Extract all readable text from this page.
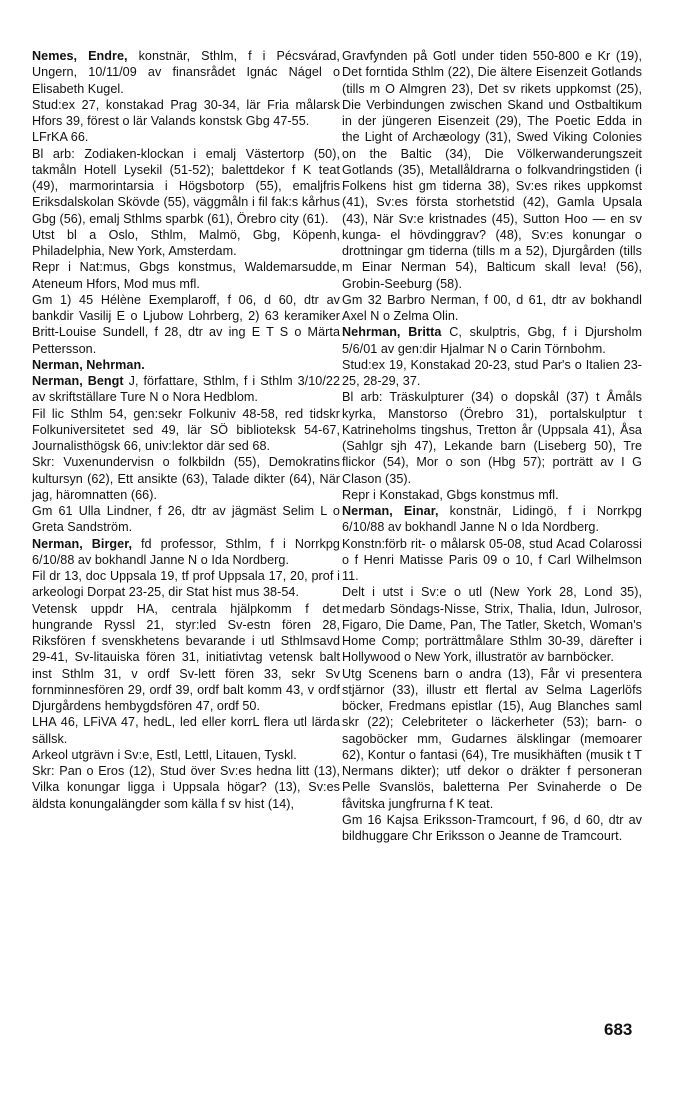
Nemes, Endre, konstnär, Sthlm, f i Pécsvárad, Ungern, 10/11/09 av finansrådet Ignác Nágel o Elisabeth Kugel.

Stud:ex 27, konstakad Prag 30-34, lär Fria målarsk Hfors 39, förest o lär Valands konstsk Gbg 47-55.

LFrKA 66.

Bl arb: Zodiaken-klockan i emalj Västertorp (50), takmåln Hotell Lysekil (51-52); balettdekor f K teat (49), marmorintarsia i Högsbotorp (55), emaljfris Eriksdalskolan Skövde (55), väggmåln i fil fak:s kårhus Gbg (56), emalj Sthlms sparbk (61), Örebro city (61).

Utst bl a Oslo, Sthlm, Malmö, Gbg, Köpenh, Philadelphia, New York, Amsterdam.

Repr i Nat:mus, Gbgs konstmus, Waldemarsudde, Ateneum Hfors, Mod mus mfl.

Gm 1) 45 Hélène Exemplaroff, f 06, d 60, dtr av bankdir Vasilij E o Ljubow Lohrberg, 2) 63 keramiker Britt-Louise Sundell, f 28, dtr av ing E T S o Märta Pettersson.

Nerman, Nehrman.

Nerman, Bengt J, författare, Sthlm, f i Sthlm 3/10/22 av skriftställare Ture N o Nora Hedblom.

Fil lic Sthlm 54, gen:sekr Folkuniv 48-58, red tidskr Folkuniversitetet sed 49, lär SÖ biblioteksk 54-67, Journalisthögsk 66, univ:lektor där sed 68.

Skr: Vuxenundervisn o folkbildn (55), Demokratins kultursyn (62), Ett ansikte (63), Talade dikter (64), När jag, häromnatten (66).

Gm 61 Ulla Lindner, f 26, dtr av jägmäst Selim L o Greta Sandström.

Nerman, Birger, fd professor, Sthlm, f i Norrkpg 6/10/88 av bokhandl Janne N o Ida Nordberg.

Fil dr 13, doc Uppsala 19, tf prof Uppsala 17, 20, prof i arkeologi Dorpat 23-25, dir Stat hist mus 38-54.

Vetensk uppdr HA, centrala hjälpkomm f det hungrande Ryssl 21, styr:led Sv-estn fören 28, Riksfören f svenskhetens bevarande i utl Sthlmsavd 29-41, Sv-litauiska fören 31, initiativtag vetensk balt inst Sthlm 31, v ordf Sv-lett fören 33, sekr Sv fornminnesfören 29, ordf 39, ordf balt komm 43, v ordf Djurgårdens hembygdsfören 47, ordf 50.

LHA 46, LFiVA 47, hedL, led eller korrL flera utl lärda sällsk.

Arkeol utgrävn i Sv:e, Estl, Lettl, Litauen, Tyskl.

Skr: Pan o Eros (12), Stud över Sv:es hedna litt (13), Vilka konungar ligga i Uppsala högar? (13), Sv:es äldsta konungalängder som källa f sv hist (14),

Gravfynden på Gotl under tiden 550-800 e Kr (19), Det forntida Sthlm (22), Die ältere Eisenzeit Gotlands (tills m O Almgren 23), Det sv rikets uppkomst (25), Die Verbindungen zwischen Skand und Ostbaltikum in der jüngeren Eisenzeit (29), The Poetic Edda in the Light of Archæology (31), Swed Viking Colonies on the Baltic (34), Die Völkerwanderungszeit Gotlands (35), Metallåldrarna o folkvandringstiden (i Folkens hist gm tiderna 38), Sv:es rikes uppkomst (41), Sv:es första storhetstid (42), Gamla Upsala (43), När Sv:e kristnades (45), Sutton Hoo — en sv kunga- el hövdinggrav? (48), Sv:es konungar o drottningar gm tiderna (tills m a 52), Djurgården (tills m Einar Nerman 54), Balticum skall leva! (56), Grobin-Seeburg (58).

Gm 32 Barbro Nerman, f 00, d 61, dtr av bokhandl Axel N o Zelma Olin.

Nehrman, Britta C, skulptris, Gbg, f i Djursholm 5/6/01 av gen:dir Hjalmar N o Carin Törnbohm.

Stud:ex 19, Konstakad 20-23, stud Par's o Italien 23-25, 28-29, 37.

Bl arb: Träskulpturer (34) o dopskål (37) t Åmåls kyrka, Manstorso (Örebro 31), portalskulptur t Katrineholms tingshus, Tretton år (Uppsala 41), Åsa (Sahlgr sjh 47), Lekande barn (Liseberg 50), Tre flickor (54), Mor o son (Hbg 57); porträtt av I G Clason (35).

Repr i Konstakad, Gbgs konstmus mfl.

Nerman, Einar, konstnär, Lidingö, f i Norrkpg 6/10/88 av bokhandl Janne N o Ida Nordberg.

Konstn:förb rit- o målarsk 05-08, stud Acad Colarossi o f Henri Matisse Paris 09 o 10, f Carl Wilhelmson 11.

Delt i utst i Sv:e o utl (New York 28, Lond 35), medarb Söndags-Nisse, Strix, Thalia, Idun, Julrosor, Figaro, Die Dame, Pan, The Tatler, Sketch, Woman's Home Comp; porträttmålare Sthlm 30-39, därefter i Hollywood o New York, illustratör av barnböcker.

Utg Scenens barn o andra (13), Får vi presentera stjärnor (33), illustr ett flertal av Selma Lagerlöfs böcker, Fredmans epistlar (15), Aug Blanches saml skr (22); Celebriteter o läckerheter (53); barn- o sagoböcker mm, Gudarnes älsklingar (memoarer 62), Kontur o fantasi (64), Tre musikhäften (musik t T Nermans dikter); utf dekor o dräkter f personeran Pelle Svanslös, baletterna Per Svinaherde o De fåvitska jungfrurna f K teat.

Gm 16 Kajsa Eriksson-Tramcourt, f 96, d 60, dtr av bildhuggare Chr Eriksson o Jeanne de Tramcourt.

683
